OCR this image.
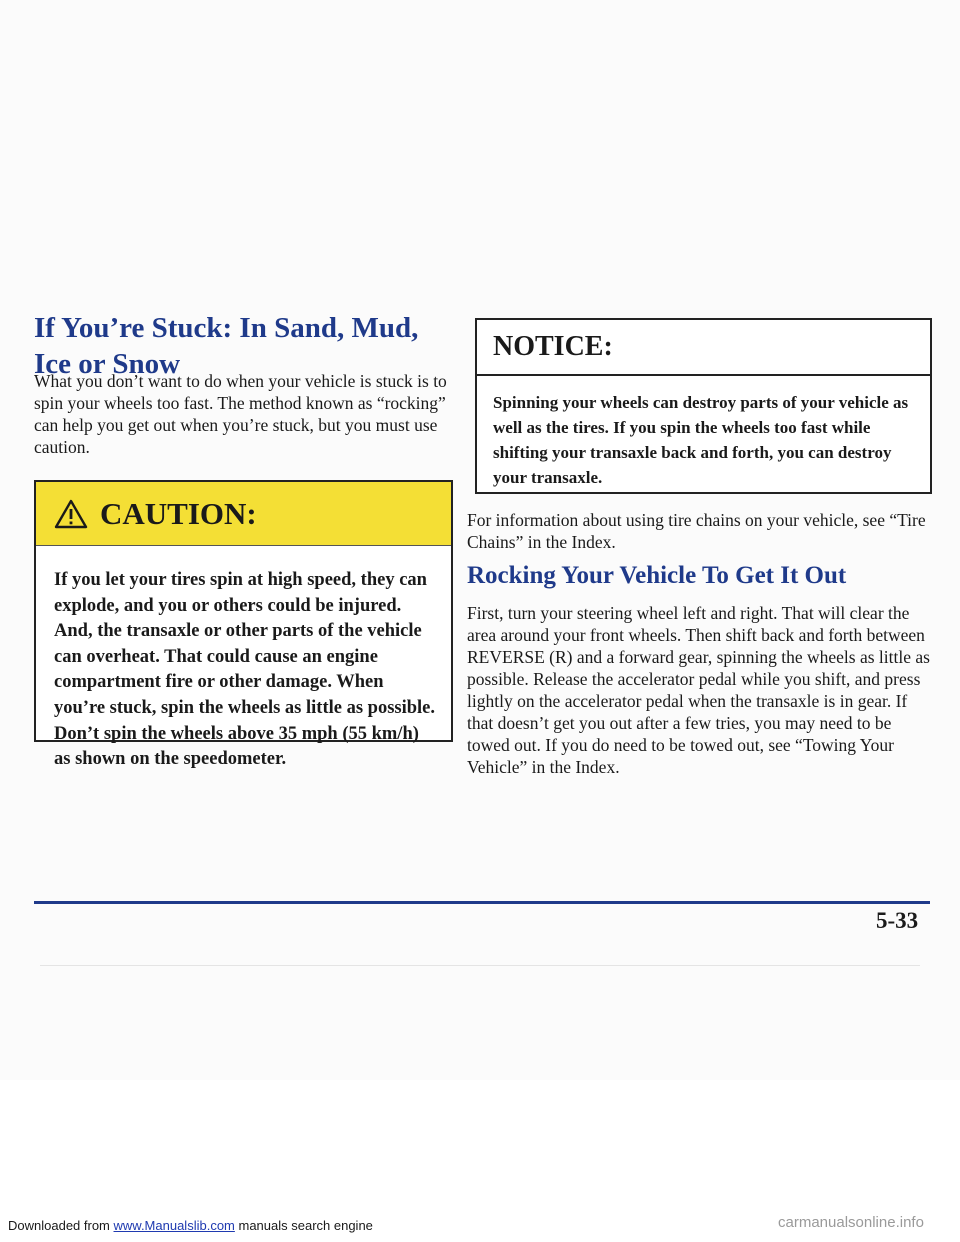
If You’re Stuck: In Sand, Mud, Ice or Snow

What you don’t want to do when your vehicle is stuck is to spin your wheels too fast. The method known as “rocking” can help you get out when you’re stuck, but you must use caution.

CAUTION:

If you let your tires spin at high speed, they can explode, and you or others could be injured. And, the transaxle or other parts of the vehicle can overheat. That could cause an engine compartment fire or other damage. When you’re stuck, spin the wheels as little as possible. Don’t spin the wheels above 35 mph (55 km/h) as shown on the speedometer.

NOTICE:

Spinning your wheels can destroy parts of your vehicle as well as the tires. If you spin the wheels too fast while shifting your transaxle back and forth, you can destroy your transaxle.

For information about using tire chains on your vehicle, see “Tire Chains” in the Index.

Rocking Your Vehicle To Get It Out

First, turn your steering wheel left and right. That will clear the area around your front wheels. Then shift back and forth between REVERSE (R) and a forward gear, spinning the wheels as little as possible. Release the accelerator pedal while you shift, and press lightly on the accelerator pedal when the transaxle is in gear. If that doesn’t get you out after a few tries, you may need to be towed out. If you do need to be towed out, see “Towing Your Vehicle” in the Index.

5-33

Downloaded from www.Manualslib.com manuals search engine	carmanualsonline.info
